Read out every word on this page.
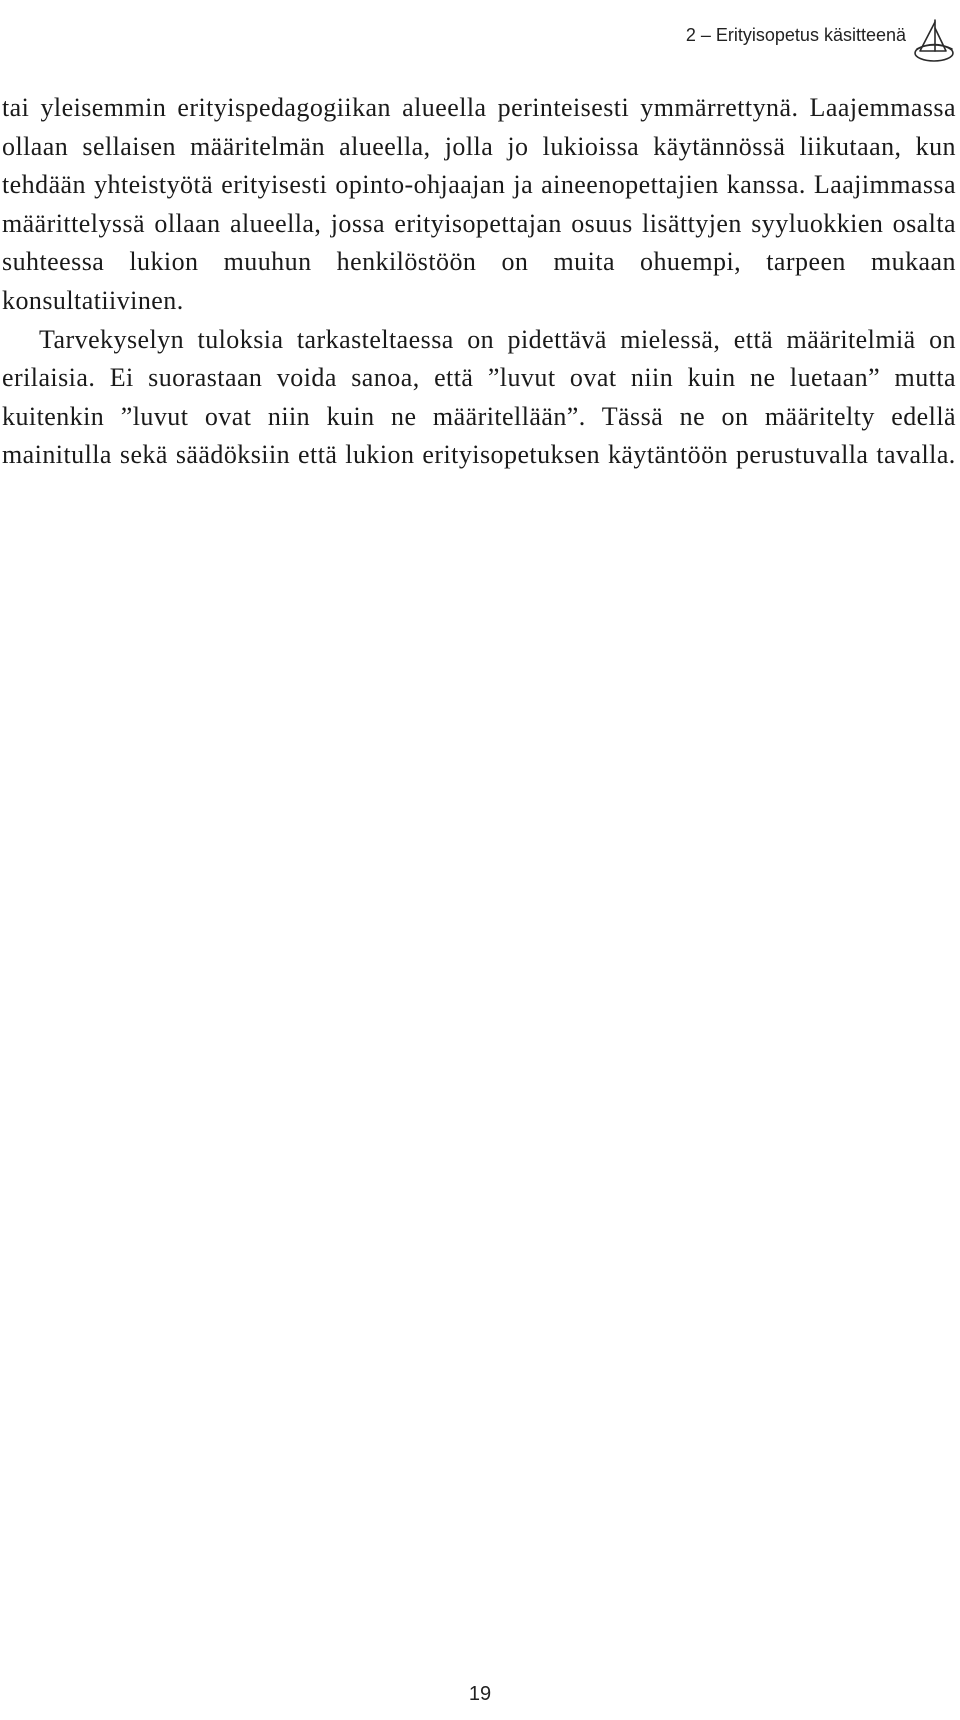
2 – Erityisopetus käsitteenä

tai yleisemmin erityispedagogiikan alueella perinteisesti ymmärrettynä. Laajemmassa ollaan sellaisen määritelmän alueella, jolla jo lukioissa käytännössä liikutaan, kun tehdään yhteistyötä erityisesti opinto-ohjaajan ja aineenopettajien kanssa. Laajimmassa määrittelyssä ollaan alueella, jossa erityisopettajan osuus lisättyjen syyluokkien osalta suhteessa lukion muuhun henkilöstöön on muita ohuempi, tarpeen mukaan konsultatiivinen.

Tarvekyselyn tuloksia tarkasteltaessa on pidettävä mielessä, että määritelmiä on erilaisia. Ei suorastaan voida sanoa, että ”luvut ovat niin kuin ne luetaan” mutta kuitenkin ”luvut ovat niin kuin ne määritellään”. Tässä ne on määritelty edellä mainitulla sekä säädöksiin että lukion erityisopetuksen käytäntöön perustuvalla tavalla.

19
